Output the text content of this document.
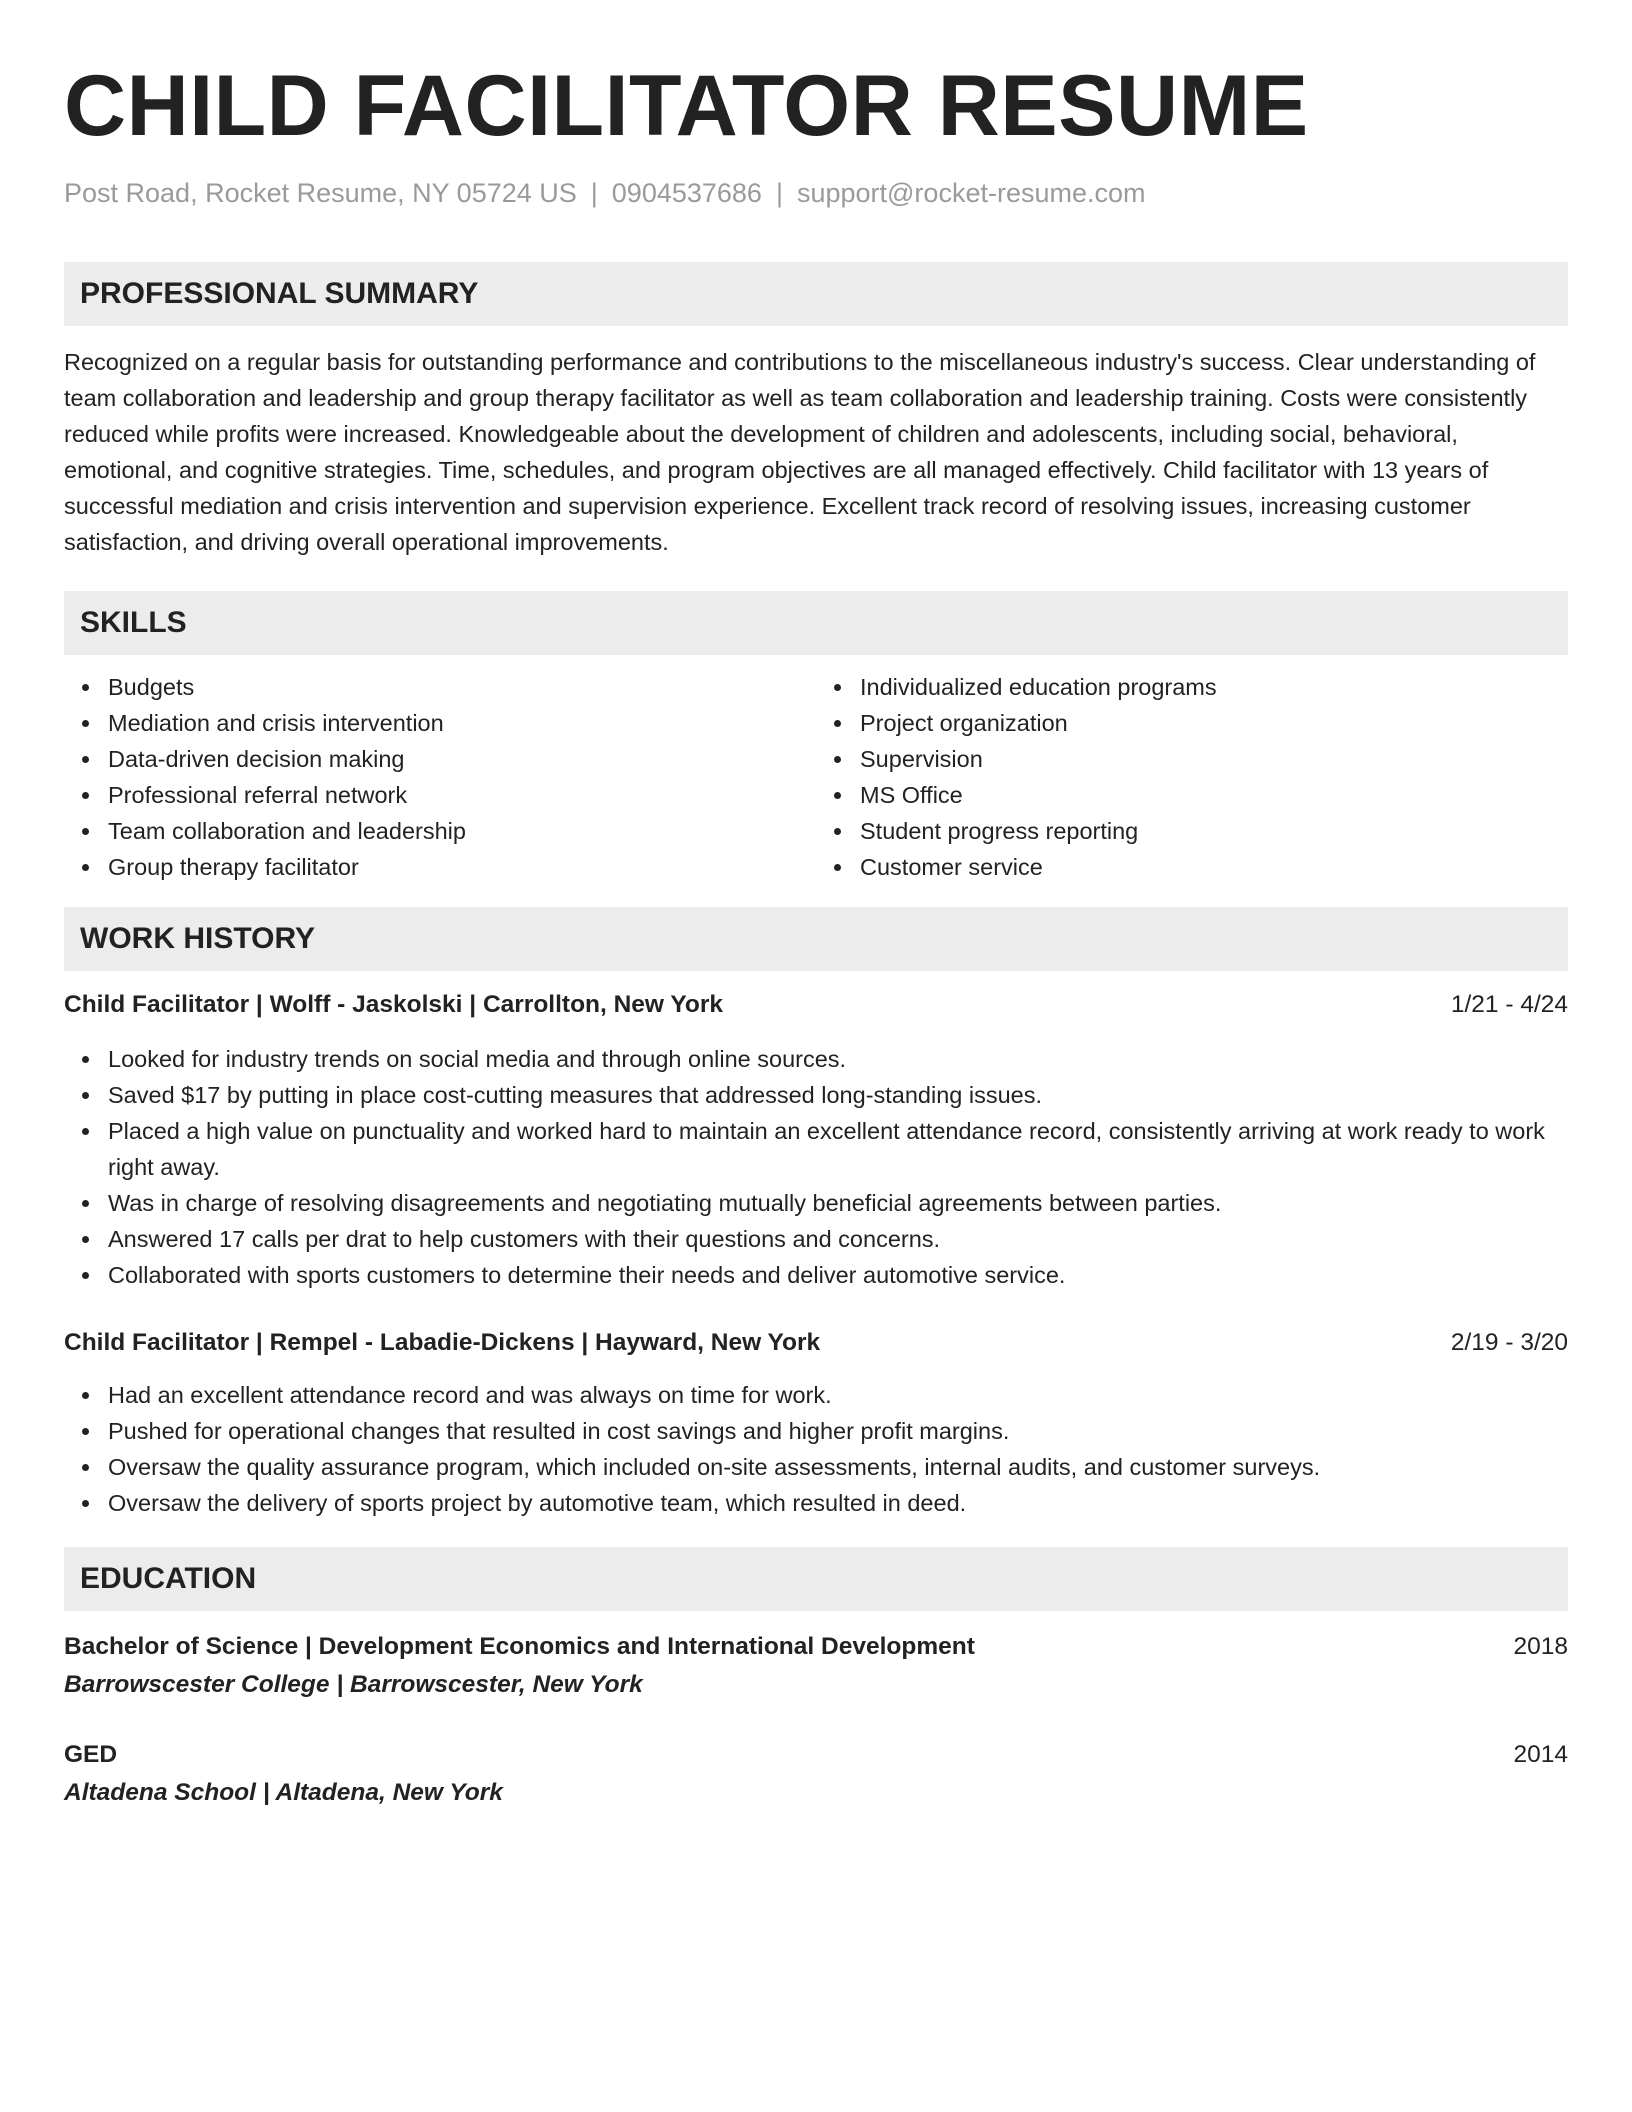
CHILD FACILITATOR RESUME
Post Road, Rocket Resume, NY 05724 US | 0904537686 | support@rocket-resume.com
PROFESSIONAL SUMMARY
Recognized on a regular basis for outstanding performance and contributions to the miscellaneous industry's success. Clear understanding of team collaboration and leadership and group therapy facilitator as well as team collaboration and leadership training. Costs were consistently reduced while profits were increased. Knowledgeable about the development of children and adolescents, including social, behavioral, emotional, and cognitive strategies. Time, schedules, and program objectives are all managed effectively. Child facilitator with 13 years of successful mediation and crisis intervention and supervision experience. Excellent track record of resolving issues, increasing customer satisfaction, and driving overall operational improvements.
SKILLS
Budgets
Mediation and crisis intervention
Data-driven decision making
Professional referral network
Team collaboration and leadership
Group therapy facilitator
Individualized education programs
Project organization
Supervision
MS Office
Student progress reporting
Customer service
WORK HISTORY
Child Facilitator | Wolff - Jaskolski | Carrollton, New York	1/21 - 4/24
Looked for industry trends on social media and through online sources.
Saved $17 by putting in place cost-cutting measures that addressed long-standing issues.
Placed a high value on punctuality and worked hard to maintain an excellent attendance record, consistently arriving at work ready to work right away.
Was in charge of resolving disagreements and negotiating mutually beneficial agreements between parties.
Answered 17 calls per drat to help customers with their questions and concerns.
Collaborated with sports customers to determine their needs and deliver automotive service.
Child Facilitator | Rempel - Labadie-Dickens | Hayward, New York	2/19 - 3/20
Had an excellent attendance record and was always on time for work.
Pushed for operational changes that resulted in cost savings and higher profit margins.
Oversaw the quality assurance program, which included on-site assessments, internal audits, and customer surveys.
Oversaw the delivery of sports project by automotive team, which resulted in deed.
EDUCATION
Bachelor of Science | Development Economics and International Development	2018
Barrowscester College | Barrowscester, New York
GED	2014
Altadena School | Altadena, New York
